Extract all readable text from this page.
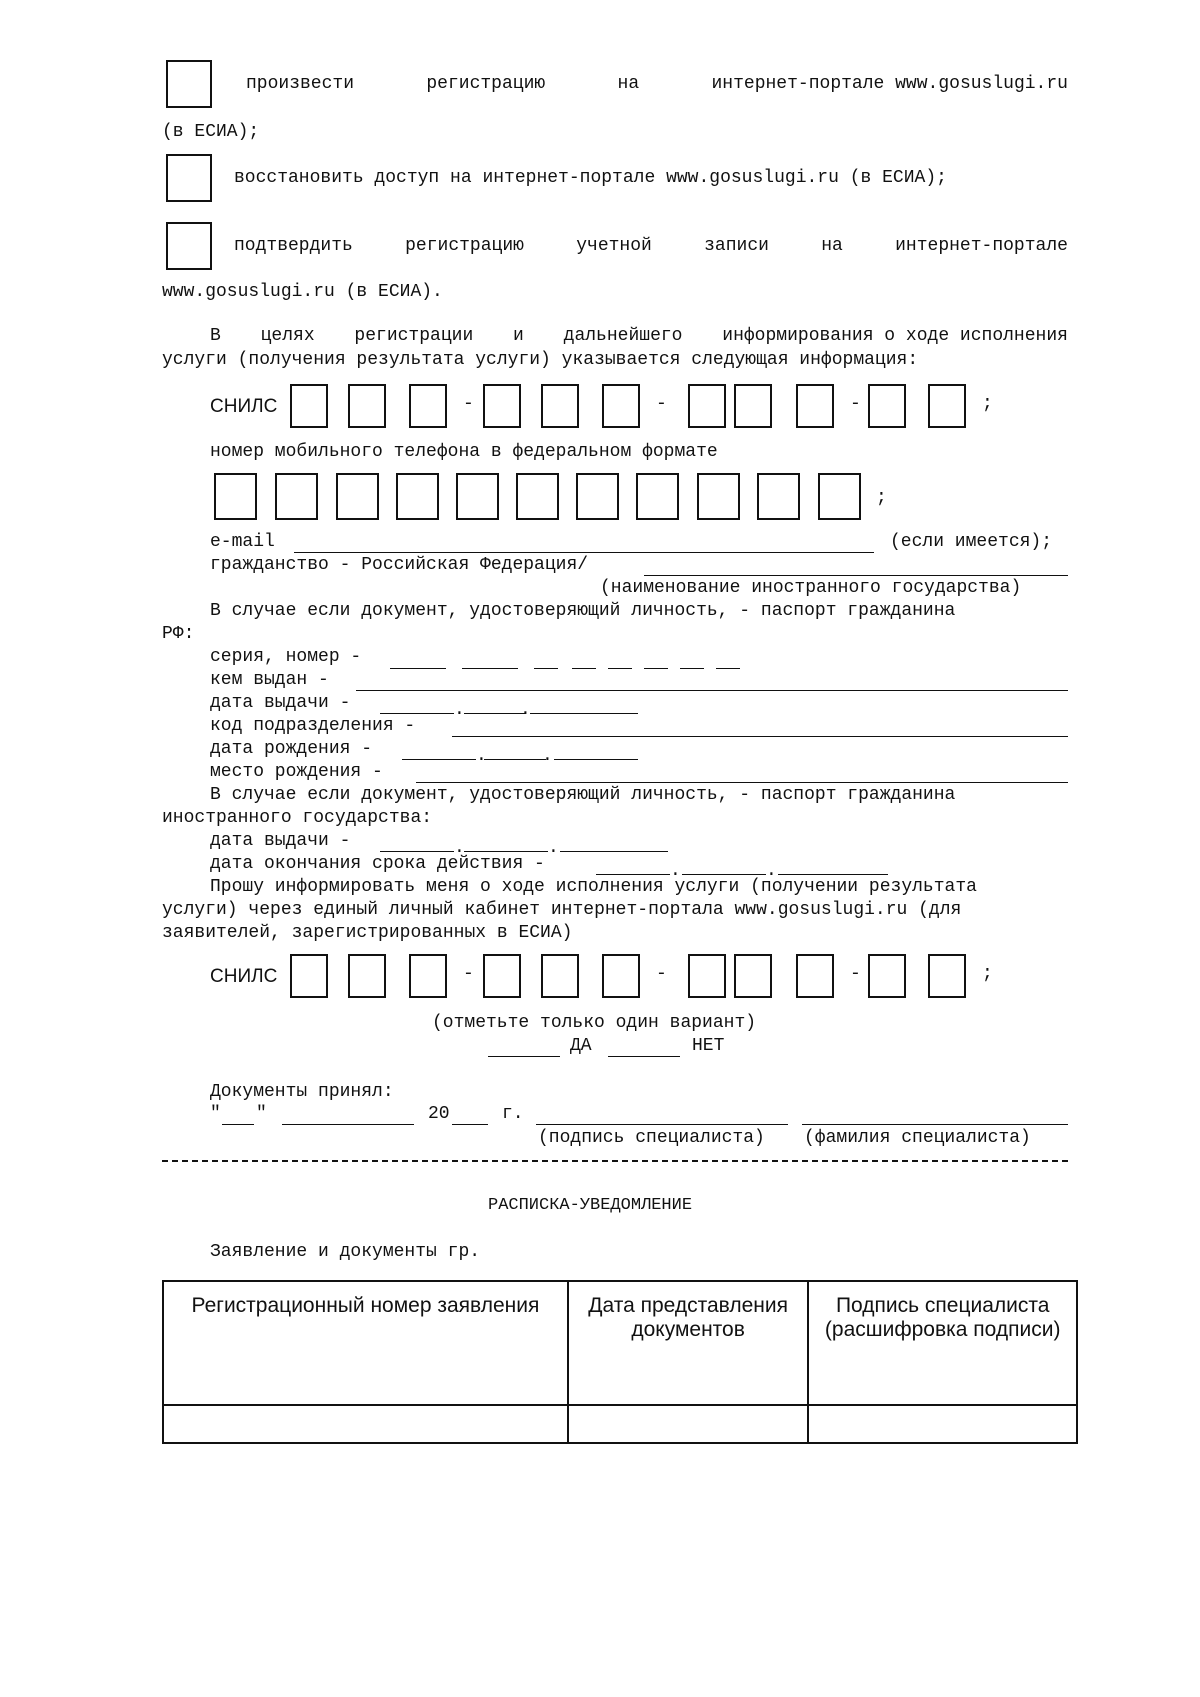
произвести	регистрацию	на	интернет-портале www.gosuslugi.ru
(в ЕСИА);
восстановить доступ на интернет-портале www.gosuslugi.ru (в ЕСИА);
подтвердить	регистрацию	учетной	записи	на	интернет-портале
www.gosuslugi.ru (в ЕСИА).
В целях регистрации и дальнейшего информирования о ходе исполнения
услуги (получения результата услуги) указывается следующая информация:
СНИЛС	-	-	-	;
номер мобильного телефона в федеральном формате
;
e-mail	(если имеется);
гражданство - Российская Федерация/
(наименование иностранного государства)
В случае если документ, удостоверяющий личность, - паспорт гражданина
РФ:
серия, номер -
кем выдан -
дата выдачи -	.	.
код подразделения -
дата рождения -	.	.
место рождения -
В случае если документ, удостоверяющий личность, - паспорт гражданина
иностранного государства:
дата выдачи -	.	.
дата окончания срока действия -	.	.
Прошу информировать меня о ходе исполнения услуги (получении результата
услуги) через единый личный кабинет интернет-портала www.gosuslugi.ru (для
заявителей, зарегистрированных в ЕСИА)
СНИЛС	-	-	-	;
(отметьте только один вариант)
ДА	НЕТ
Документы принял:
" "	20	г.
(подпись специалиста) (фамилия специалиста)
РАСПИСКА-УВЕДОМЛЕНИЕ
Заявление и документы гр.
Регистрационный номер заявления	Дата представления документов	Подпись специалиста (расшифровка подписи)
